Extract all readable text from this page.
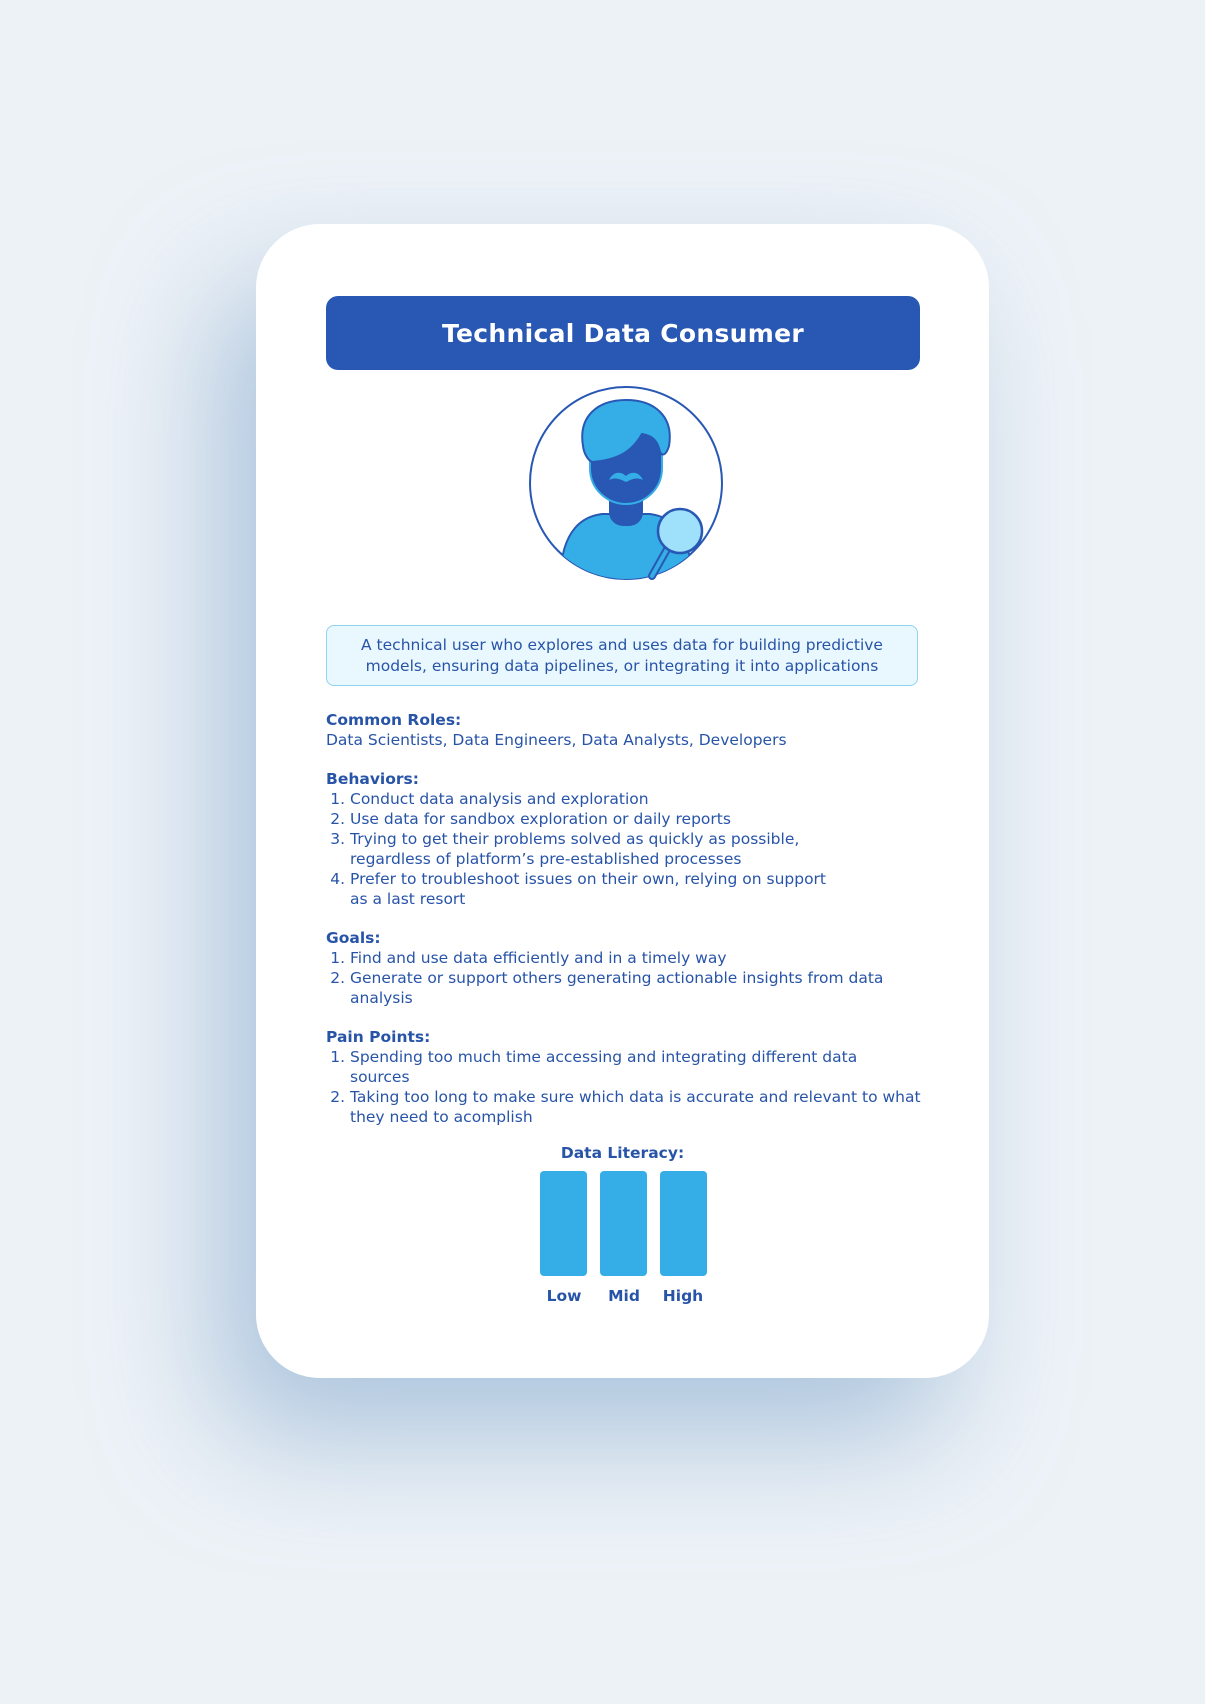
Technical Data Consumer
A technical user who explores and uses data for building predictive models, ensuring data pipelines, or integrating it into applications
Common Roles:

Data Scientists, Data Engineers, Data Analysts, Developers

Behaviors:
1. Conduct data analysis and exploration
2. Use data for sandbox exploration or daily reports
3. Trying to get their problems solved as quickly as possible, regardless of platform’s pre-established processes
4. Prefer to troubleshoot issues on their own, relying on support as a last resort
Goals:
1. Find and use data efficiently and in a timely way
2. Generate or support others generating actionable insights from data analysis
Pain Points:
1. Spending too much time accessing and integrating different data sources
2. Taking too long to make sure which data is accurate and relevant to what they need to acomplish
Data Literacy:
Low	Mid	High
